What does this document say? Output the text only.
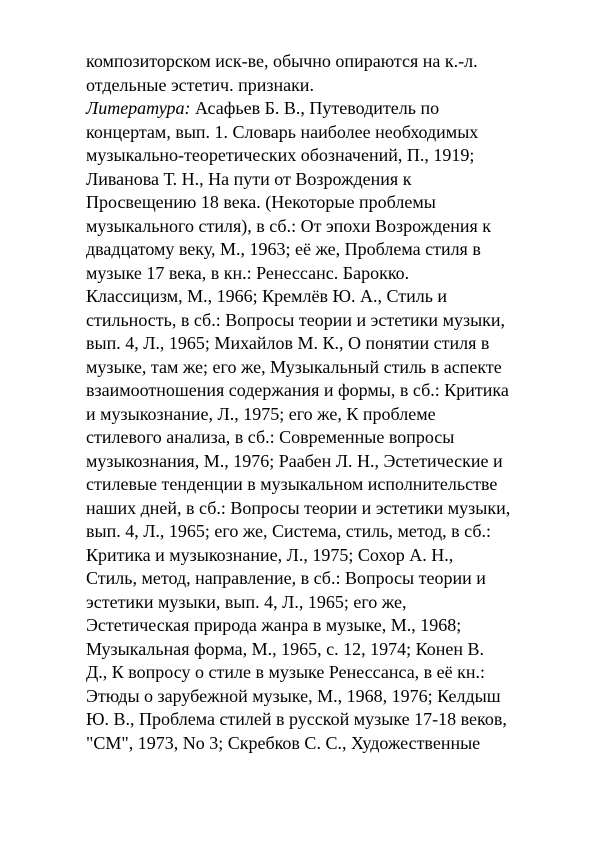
композиторском иск-ве, обычно опираются на к.-л.
отдельные эстетич. признаки.
Литература: Асафьев Б. В., Путеводитель по
концертам, вып. 1. Словарь наиболее необходимых
музыкально-теоретических обозначений, П., 1919;
Ливанова Т. Н., На пути от Возрождения к
Просвещению 18 века. (Некоторые проблемы
музыкального стиля), в сб.: От эпохи Возрождения к
двадцатому веку, М., 1963; её же, Проблема стиля в
музыке 17 века, в кн.: Ренессанс. Барокко.
Классицизм, М., 1966; Кремлёв Ю. А., Стиль и
стильность, в сб.: Вопросы теории и эстетики музыки,
вып. 4, Л., 1965; Михайлов М. К., О понятии стиля в
музыке, там же; его же, Музыкальный стиль в аспекте
взаимоотношения содержания и формы, в сб.: Критика
и музыкознание, Л., 1975; его же, К проблеме
стилевого анализа, в сб.: Современные вопросы
музыкознания, М., 1976; Раабен Л. Н., Эстетические и
стилевые тенденции в музыкальном исполнительстве
наших дней, в сб.: Вопросы теории и эстетики музыки,
вып. 4, Л., 1965; его же, Система, стиль, метод, в сб.:
Критика и музыкознание, Л., 1975; Сохор А. Н.,
Стиль, метод, направление, в сб.: Вопросы теории и
эстетики музыки, вып. 4, Л., 1965; его же,
Эстетическая природа жанра в музыке, М., 1968;
Музыкальная форма, М., 1965, с. 12, 1974; Конен В.
Д., К вопросу о стиле в музыке Ренессанса, в её кн.:
Этюды о зарубежной музыке, М., 1968, 1976; Келдыш
Ю. В., Проблема стилей в русской музыке 17-18 веков,
"СМ", 1973, No 3; Скребков С. С., Художественные
